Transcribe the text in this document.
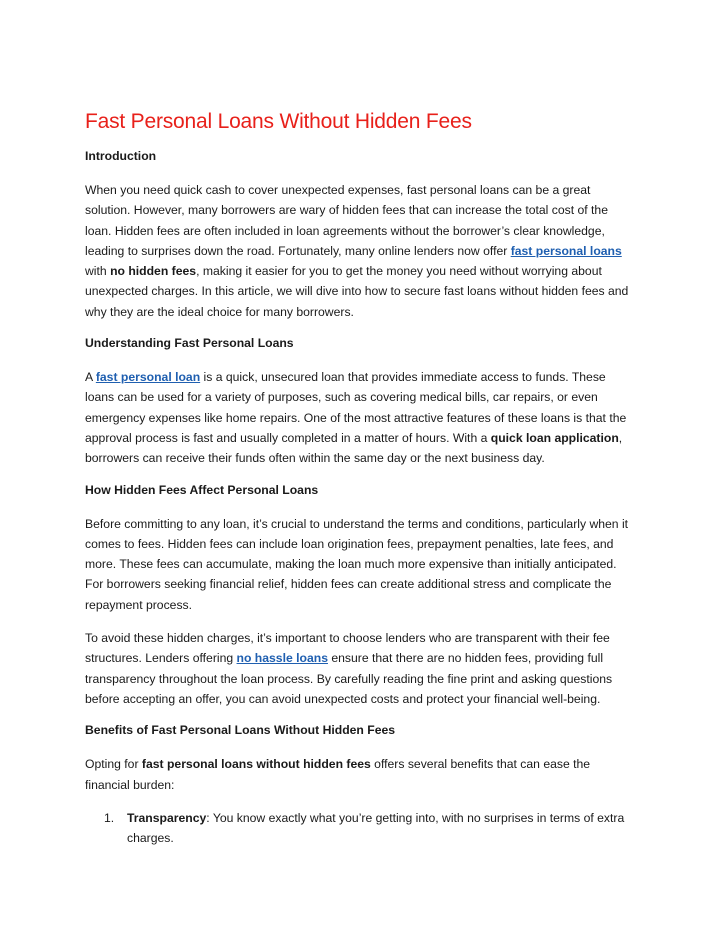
Fast Personal Loans Without Hidden Fees
Introduction

When you need quick cash to cover unexpected expenses, fast personal loans can be a great solution. However, many borrowers are wary of hidden fees that can increase the total cost of the loan. Hidden fees are often included in loan agreements without the borrower’s clear knowledge, leading to surprises down the road. Fortunately, many online lenders now offer fast personal loans with no hidden fees, making it easier for you to get the money you need without worrying about unexpected charges. In this article, we will dive into how to secure fast loans without hidden fees and why they are the ideal choice for many borrowers.

Understanding Fast Personal Loans

A fast personal loan is a quick, unsecured loan that provides immediate access to funds. These loans can be used for a variety of purposes, such as covering medical bills, car repairs, or even emergency expenses like home repairs. One of the most attractive features of these loans is that the approval process is fast and usually completed in a matter of hours. With a quick loan application, borrowers can receive their funds often within the same day or the next business day.

How Hidden Fees Affect Personal Loans

Before committing to any loan, it’s crucial to understand the terms and conditions, particularly when it comes to fees. Hidden fees can include loan origination fees, prepayment penalties, late fees, and more. These fees can accumulate, making the loan much more expensive than initially anticipated. For borrowers seeking financial relief, hidden fees can create additional stress and complicate the repayment process.

To avoid these hidden charges, it’s important to choose lenders who are transparent with their fee structures. Lenders offering no hassle loans ensure that there are no hidden fees, providing full transparency throughout the loan process. By carefully reading the fine print and asking questions before accepting an offer, you can avoid unexpected costs and protect your financial well-being.

Benefits of Fast Personal Loans Without Hidden Fees

Opting for fast personal loans without hidden fees offers several benefits that can ease the financial burden:

1. Transparency: You know exactly what you’re getting into, with no surprises in terms of extra charges.
